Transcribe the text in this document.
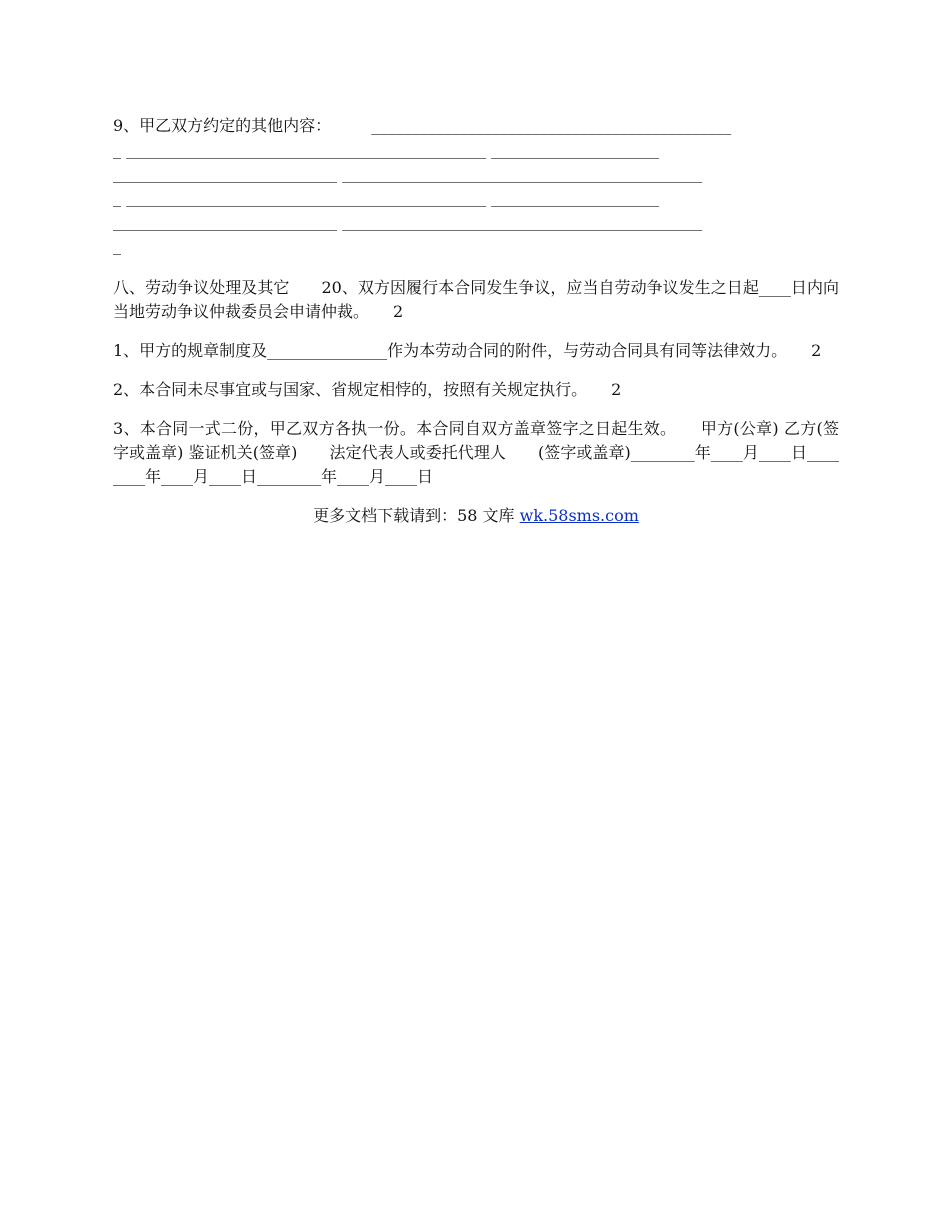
9、甲乙双方约定的其他内容：　　　	_____________________________________________
_ _____________________________________________ _____________________
____________________________ _____________________________________________
_ _____________________________________________ _____________________
____________________________ _____________________________________________
_

八、劳动争议处理及其它　　20、双方因履行本合同发生争议，应当自劳动争议发生之日起____日内向当地劳动争议仲裁委员会申请仲裁。　　2

1、甲方的规章制度及_______________作为本劳动合同的附件，与劳动合同具有同等法律效力。　　2

2、本合同未尽事宜或与国家、省规定相悖的，按照有关规定执行。　　2

3、本合同一式二份，甲乙双方各执一份。本合同自双方盖章签字之日起生效。　　甲方(公章) 乙方(签字或盖章) 鉴证机关(签章)　　法定代表人或委托代理人　　(签字或盖章)________年____月____日________年____月____日________年____月____日

更多文档下载请到：58 文库 wk.58sms.com
